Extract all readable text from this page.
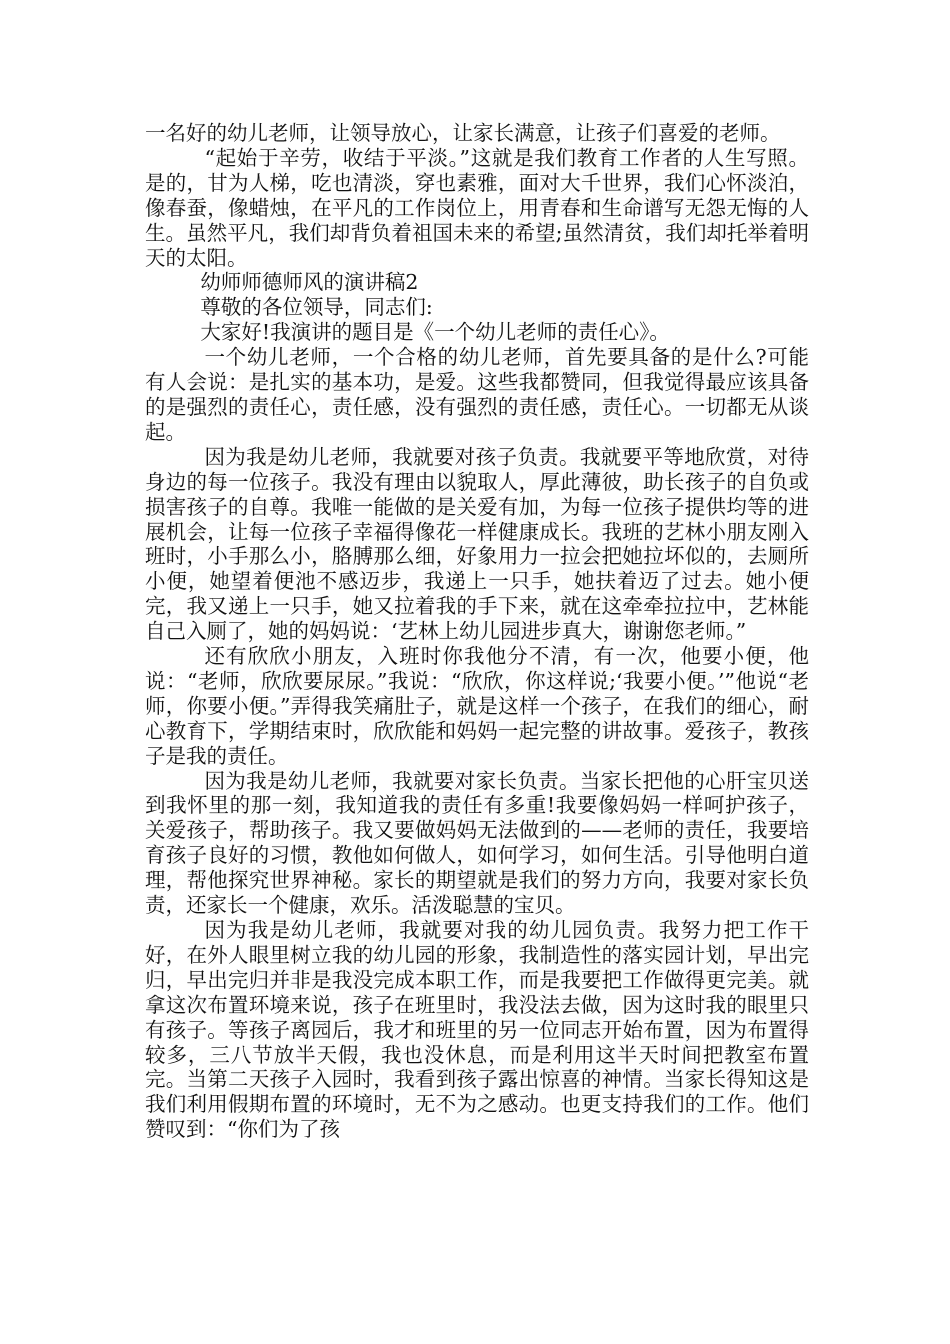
一名好的幼儿老师，让领导放心，让家长满意，让孩子们喜爱的老师。

“起始于辛劳，收结于平淡。”这就是我们教育工作者的人生写照。是的，甘为人梯，吃也清淡，穿也素雅，面对大千世界，我们心怀淡泊，像春蚕，像蜡烛，在平凡的工作岗位上，用青春和生命谱写无怨无悔的人生。虽然平凡，我们却背负着祖国未来的希望;虽然清贫，我们却托举着明天的太阳。

幼师师德师风的演讲稿2

尊敬的各位领导，同志们:

大家好!我演讲的题目是《一个幼儿老师的责任心》。

一个幼儿老师，一个合格的幼儿老师，首先要具备的是什么?可能有人会说：是扎实的基本功，是爱。这些我都赞同，但我觉得最应该具备的是强烈的责任心，责任感，没有强烈的责任感，责任心。一切都无从谈起。

因为我是幼儿老师，我就要对孩子负责。我就要平等地欣赏，对待身边的每一位孩子。我没有理由以貌取人，厚此薄彼，助长孩子的自负或损害孩子的自尊。我唯一能做的是关爱有加，为每一位孩子提供均等的进展机会，让每一位孩子幸福得像花一样健康成长。我班的艺林小朋友刚入班时，小手那么小，胳膊那么细，好象用力一拉会把她拉坏似的，去厕所小便，她望着便池不感迈步，我递上一只手，她扶着迈了过去。她小便完，我又递上一只手，她又拉着我的手下来，就在这牵牵拉拉中，艺林能自己入厕了，她的妈妈说：‘艺林上幼儿园进步真大，谢谢您老师。”

还有欣欣小朋友，入班时你我他分不清，有一次，他要小便，他说：“老师，欣欣要尿尿。”我说：“欣欣，你这样说;‘我要小便。’”他说“老师，你要小便。”弄得我笑痛肚子，就是这样一个孩子，在我们的细心，耐心教育下，学期结束时，欣欣能和妈妈一起完整的讲故事。爱孩子，教孩子是我的责任。

因为我是幼儿老师，我就要对家长负责。当家长把他的心肝宝贝送到我怀里的那一刻，我知道我的责任有多重!我要像妈妈一样呵护孩子，关爱孩子，帮助孩子。我又要做妈妈无法做到的——老师的责任，我要培育孩子良好的习惯，教他如何做人，如何学习，如何生活。引导他明白道理，帮他探究世界神秘。家长的期望就是我们的努力方向，我要对家长负责，还家长一个健康，欢乐。活泼聪慧的宝贝。

因为我是幼儿老师，我就要对我的幼儿园负责。我努力把工作干好，在外人眼里树立我的幼儿园的形象，我制造性的落实园计划，早出完归，早出完归并非是我没完成本职工作，而是我要把工作做得更完美。就拿这次布置环境来说，孩子在班里时，我没法去做，因为这时我的眼里只有孩子。等孩子离园后，我才和班里的另一位同志开始布置，因为布置得较多，三八节放半天假，我也没休息，而是利用这半天时间把教室布置完。当第二天孩子入园时，我看到孩子露出惊喜的神情。当家长得知这是我们利用假期布置的环境时，无不为之感动。也更支持我们的工作。他们赞叹到：“你们为了孩
